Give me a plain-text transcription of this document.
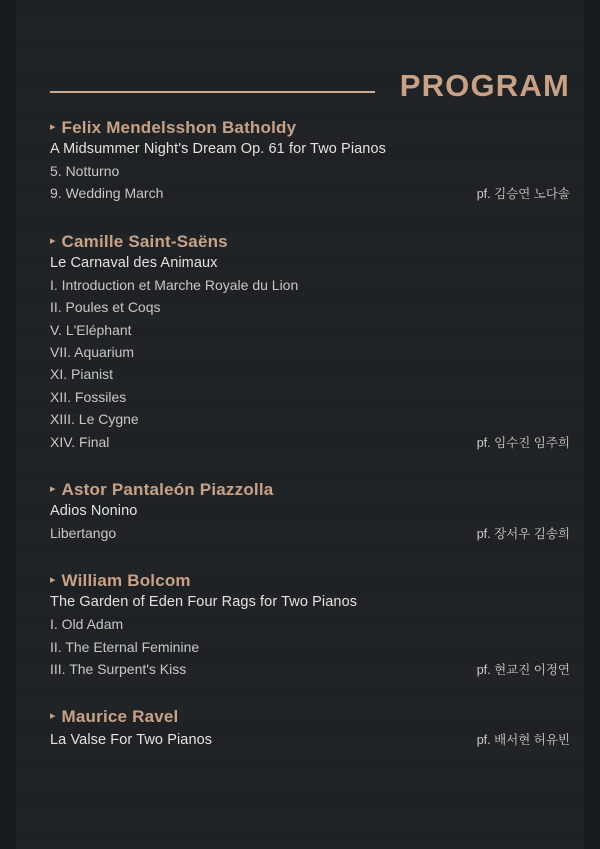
PROGRAM
▸ Felix Mendelsshon Batholdy
A Midsummer Night's Dream Op. 61 for Two Pianos
5. Notturno
9. Wedding March	pf. 김승연 노다솔
▸ Camille Saint-Saëns
Le Carnaval des Animaux
I. Introduction et Marche Royale du Lion
II. Poules et Coqs
V. L'Eléphant
VII. Aquarium
XI. Pianist
XII. Fossiles
XIII. Le Cygne
XIV. Final	pf. 임수진 임주희
▸ Astor Pantaleón Piazzolla
Adios Nonino
Libertango	pf. 장서우 김송희
▸ William Bolcom
The Garden of Eden Four Rags for Two Pianos
I. Old Adam
II. The Eternal Feminine
III. The Surpent's Kiss	pf. 현교진 이정연
▸ Maurice Ravel
La Valse For Two Pianos	pf. 배서현 허유빈
